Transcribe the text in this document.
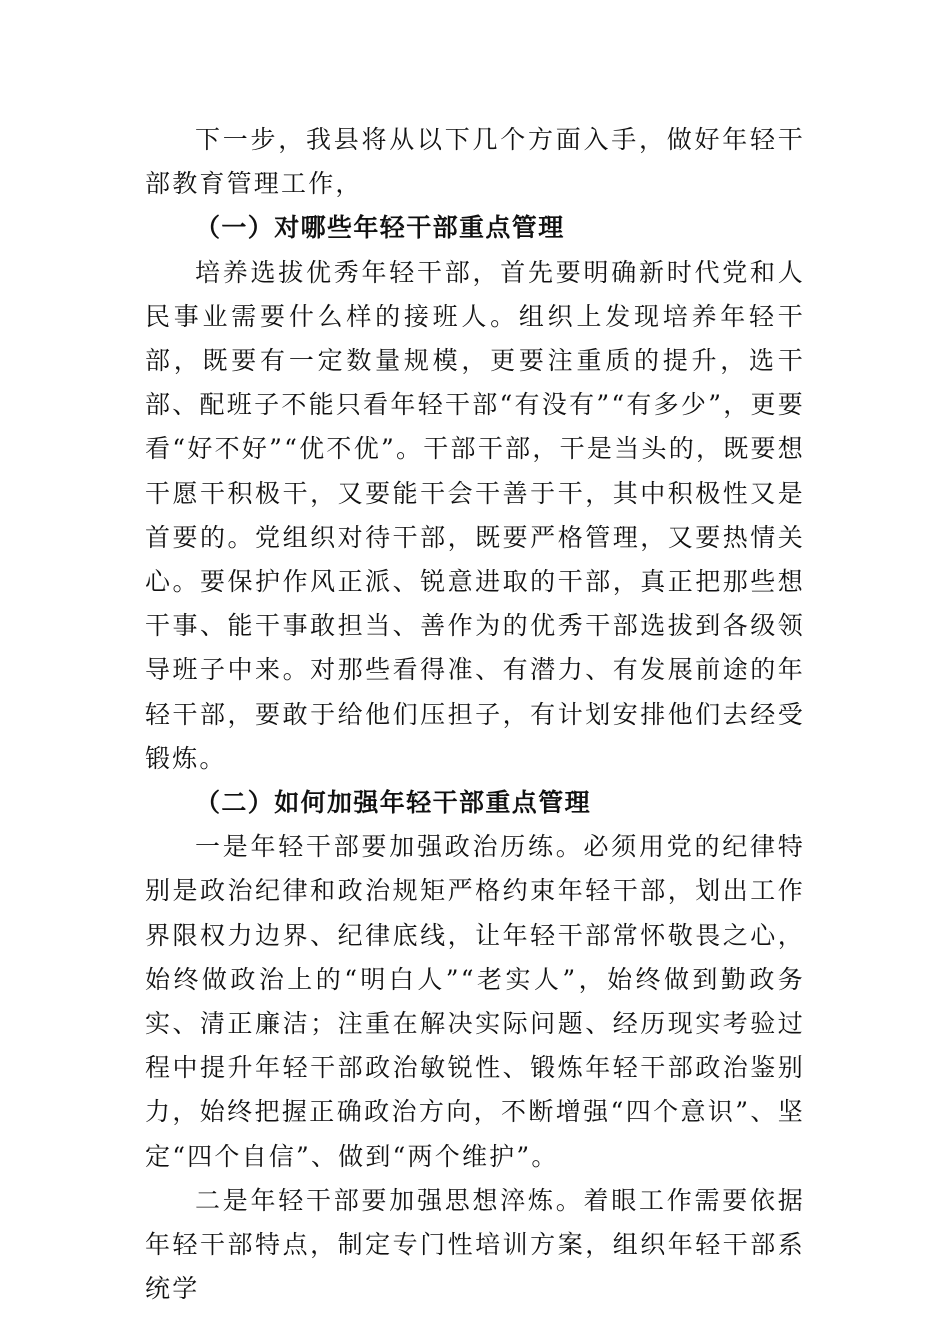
下一步，我县将从以下几个方面入手，做好年轻干部教育管理工作，

（一）对哪些年轻干部重点管理

培养选拔优秀年轻干部，首先要明确新时代党和人民事业需要什么样的接班人。组织上发现培养年轻干部，既要有一定数量规模，更要注重质的提升，选干部、配班子不能只看年轻干部“有没有”“有多少”，更要看“好不好”“优不优”。干部干部，干是当头的，既要想干愿干积极干，又要能干会干善于干，其中积极性又是首要的。党组织对待干部，既要严格管理，又要热情关心。要保护作风正派、锐意进取的干部，真正把那些想干事、能干事敢担当、善作为的优秀干部选拔到各级领导班子中来。对那些看得准、有潜力、有发展前途的年轻干部，要敢于给他们压担子，有计划安排他们去经受锻炼。

（二）如何加强年轻干部重点管理

一是年轻干部要加强政治历练。必须用党的纪律特别是政治纪律和政治规矩严格约束年轻干部，划出工作界限权力边界、纪律底线，让年轻干部常怀敬畏之心，始终做政治上的“明白人”“老实人”，始终做到勤政务实、清正廉洁；注重在解决实际问题、经历现实考验过程中提升年轻干部政治敏锐性、锻炼年轻干部政治鉴别力，始终把握正确政治方向，不断增强“四个意识”、坚定“四个自信”、做到“两个维护”。

二是年轻干部要加强思想淬炼。着眼工作需要依据年轻干部特点，制定专门性培训方案，组织年轻干部系统学
